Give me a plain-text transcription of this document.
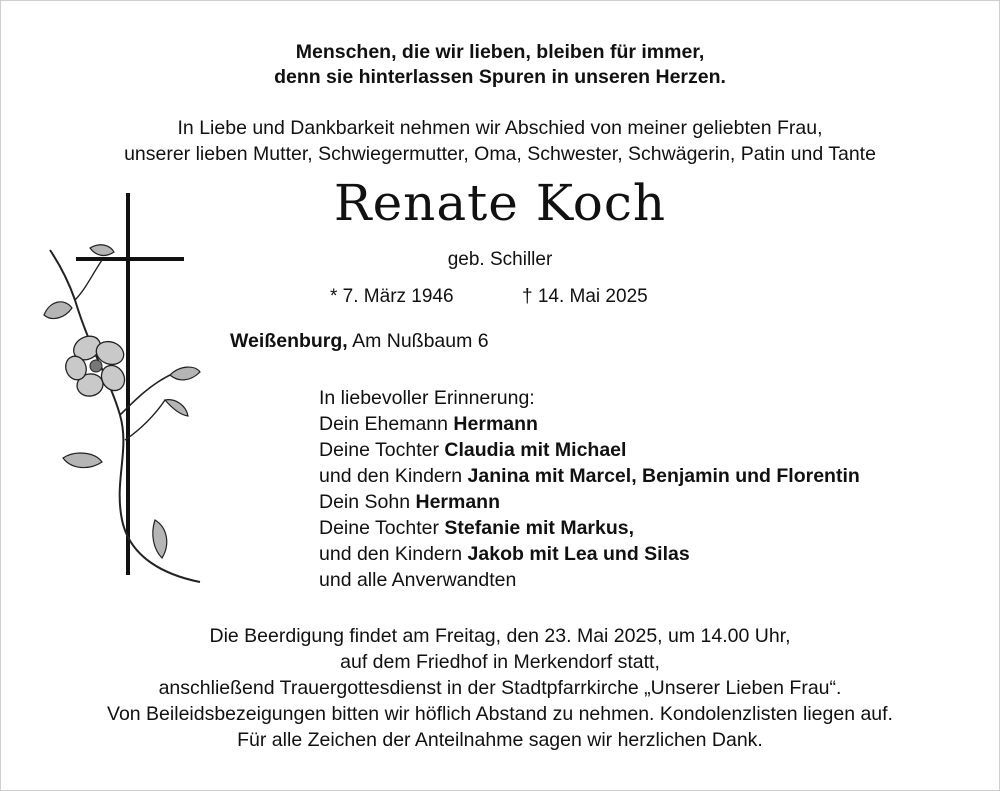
Menschen, die wir lieben, bleiben für immer,
denn sie hinterlassen Spuren in unseren Herzen.
In Liebe und Dankbarkeit nehmen wir Abschied von meiner geliebten Frau,
unserer lieben Mutter, Schwiegermutter, Oma, Schwester, Schwägerin, Patin und Tante
Renate Koch
geb. Schiller
* 7. März 1946	† 14. Mai 2025
Weißenburg, Am Nußbaum 6
In liebevoller Erinnerung:
Dein Ehemann Hermann
Deine Tochter Claudia mit Michael
und den Kindern Janina mit Marcel, Benjamin und Florentin
Dein Sohn Hermann
Deine Tochter Stefanie mit Markus,
und den Kindern Jakob mit Lea und Silas
und alle Anverwandten
Die Beerdigung findet am Freitag, den 23. Mai 2025, um 14.00 Uhr,
auf dem Friedhof in Merkendorf statt,
anschließend Trauergottesdienst in der Stadtpfarrkirche „Unserer Lieben Frau“.
Von Beileidsbezeigungen bitten wir höflich Abstand zu nehmen. Kondolenzlisten liegen auf.
Für alle Zeichen der Anteilnahme sagen wir herzlichen Dank.
